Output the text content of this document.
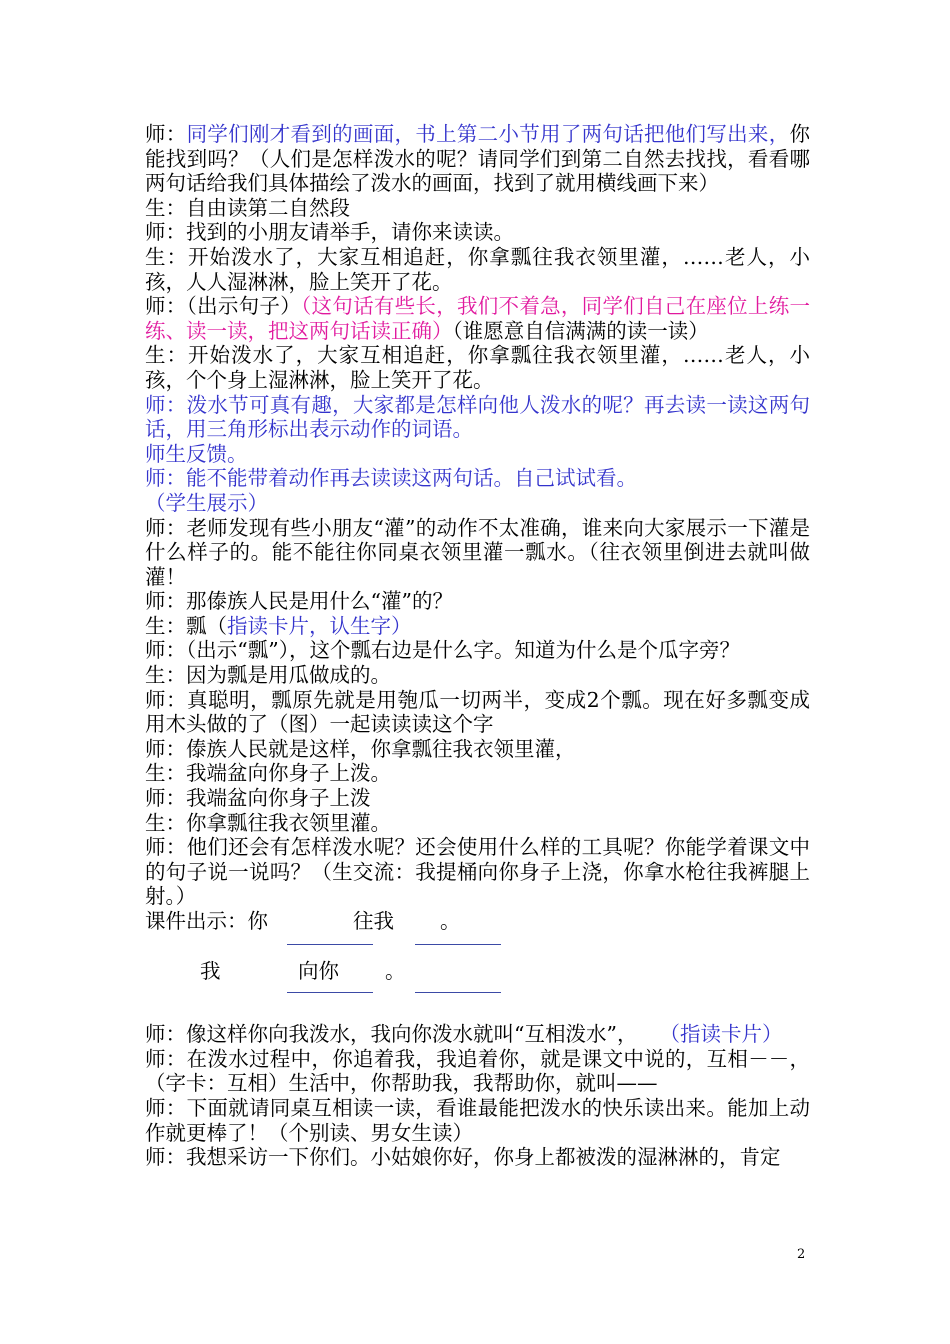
师：同学们刚才看到的画面，书上第二小节用了两句话把他们写出来，你能找到吗？（人们是怎样泼水的呢？请同学们到第二自然去找找，看看哪两句话给我们具体描绘了泼水的画面，找到了就用横线画下来）

生：自由读第二自然段

师：找到的小朋友请举手，请你来读读。

生：开始泼水了，大家互相追赶，你拿瓢往我衣领里灌，……老人，小孩，人人湿淋淋，脸上笑开了花。

师：（出示句子）（这句话有些长，我们不着急，同学们自己在座位上练一练、读一读，把这两句话读正确）（谁愿意自信满满的读一读）

生：开始泼水了，大家互相追赶，你拿瓢往我衣领里灌，……老人，小孩，个个身上湿淋淋，脸上笑开了花。

师：泼水节可真有趣，大家都是怎样向他人泼水的呢？再去读一读这两句话，用三角形标出表示动作的词语。

师生反馈。

师：能不能带着动作再去读读这两句话。自己试试看。

（学生展示）

师：老师发现有些小朋友“灌”的动作不太准确，谁来向大家展示一下灌是什么样子的。能不能往你同桌衣领里灌一瓢水。（往衣领里倒进去就叫做灌！

师：那傣族人民是用什么“灌”的？

生：瓢（指读卡片，认生字）

师：（出示“瓢”），这个瓢右边是什么字。知道为什么是个瓜字旁？

生：因为瓢是用瓜做成的。

师：真聪明，瓢原先就是用匏瓜一切两半，变成2个瓢。现在好多瓢变成用木头做的了（图）一起读读读这个字

师：傣族人民就是这样，你拿瓢往我衣领里灌，

生：我端盆向你身子上泼。

师：我端盆向你身子上泼

生：你拿瓢往我衣领里灌。

师：他们还会有怎样泼水呢？还会使用什么样的工具呢？你能学着课文中的句子说一说吗？（生交流：我提桶向你身子上浇，你拿水枪往我裤腿上射。）

课件出示：你	往我 。
我	向你 。

师：像这样你向我泼水，我向你泼水就叫“互相泼水”， （指读卡片）

师：在泼水过程中，你追着我，我追着你，就是课文中说的，互相－－，（字卡：互相）生活中，你帮助我，我帮助你，就叫——

师：下面就请同桌互相读一读，看谁最能把泼水的快乐读出来。能加上动作就更棒了！（个别读、男女生读）

师：我想采访一下你们。小姑娘你好，你身上都被泼的湿淋淋的，肯定

2
